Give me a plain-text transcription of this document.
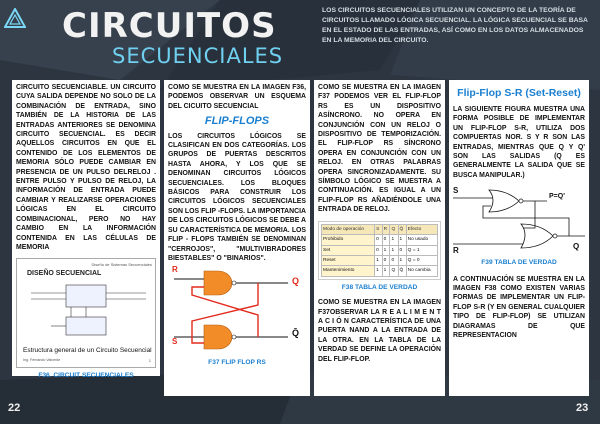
CIRCUITOS
SECUENCIALES
LOS CIRCUITOS SECUENCIALES UTILIZAN UN CONCEPTO DE LA TEORÍA DE CIRCUITOS LLAMADO LÓGICA SECUENCIAL. LA LÓGICA SECUENCIAL SE BASA EN EL ESTADO DE LAS ENTRADAS, ASÍ COMO EN LOS DATOS ALMACENADOS EN LA MEMORIA DEL CIRCUITO.

CIRCUITO SECUENCIABLE. UN CIRCUITO CUYA SALIDA DEPENDE NO SOLO DE LA COMBINACIÓN DE ENTRADA, SINO TAMBIÉN DE LA HISTORIA DE LAS ENTRADAS ANTERIORES SE DENOMINA CIRCUITO SECUENCIAL. ES DECIR AQUELLOS CIRCUITOS EN QUE EL CONTENIDO DE LOS ELEMENTOS DE MEMORIA SÓLO PUEDE CAMBIAR EN PRESENCIA DE UN PULSO DELRELOJ . ENTRE PULSO Y PULSO DE RELOJ, LA INFORMACIÓN DE ENTRADA PUEDE CAMBIAR Y REALIZARSE OPERACIONES LÓGICAS EN EL CIRCUITO COMBINACIONAL, PERO NO HAY CAMBIO EN LA INFORMACIÓN CONTENIDA EN LAS CÉLULAS DE MEMORIA

Diseño de Sistemas Secuenciales
DISEÑO SECUENCIAL
Estructura general de un Circuito Secuencial
Ing. Fernando Valverde	1
F36. CIRCUIT SECUENCIALES

COMO SE MUESTRA EN LA IMAGEN F36, PODEMOS OBSERVAR UN ESQUEMA DEL CICUITO SECUENCIAL

FLIP-FLOPS

LOS CIRCUITOS LÓGICOS SE CLASIFICAN EN DOS CATEGORÍAS. LOS GRUPOS DE PUERTAS DESCRITOS HASTA AHORA, Y LOS QUE SE DENOMINAN CIRCUITOS LÓGICOS SECUENCIALES. LOS BLOQUES BÁSICOS PARA CONSTRUIR LOS CIRCUITOS LÓGICOS SECUENCIALES SON LOS FLIP -FLOPS. LA IMPORTANCIA DE LOS CIRCUITOS LÓGICOS SE DEBE A SU CARACTERÍSTICA DE MEMORIA. LOS FLIP - FLOPS TAMBIÉN SE DENOMINAN "CERROJOS", "MULTIVIBRADORES BIESTABLES" O "BINARIOS".

R
S
Q
Q̄
F37 FLIP FLOP RS

COMO SE MUESTRA EN LA IMAGEN F37 PODEMOS VER EL FLIP-FLOP RS ES UN DISPOSITIVO ASÍNCRONO. NO OPERA EN CONJUNCIÓN CON UN RELOJ O DISPOSITIVO DE TEMPORIZACIÓN. EL FLIP-FLOP RS SÍNCRONO OPERA EN CONJUNCIÓN CON UN RELOJ. EN OTRAS PALABRAS OPERA SINCRONIZADAMENTE. SU SÍMBOLO LÓGICO SE MUESTRA A CONTINUACIÓN. ES IGUAL A UN FLIP-FLOP RS AÑADIÉNDOLE UNA ENTRADA DE RELOJ.

Modo de operación	S	R	Q	Q̄	Efecto
Prohibido	0	0	1	1	No usado
Set	0	1	1	0	Q = 1
Reset	1	0	0	1	Q = 0
Mantenimiento	1	1	Q	Q̄	No cambia
F38 TABLA DE VERDAD

COMO SE MUESTRA EN LA IMAGEN F37OBSERVAR LA R E A L I M E N T A C I Ó N CARACTERÍSTICA DE UNA PUERTA NAND A LA ENTRADA DE LA OTRA. EN LA TABLA DE LA VERDAD SE DEFINE LA OPERACIÓN DEL FLIP-FLOP.

Flip-Flop S-R (Set-Reset)

LA SIGUIENTE FIGURA MUESTRA UNA FORMA POSIBLE DE IMPLEMENTAR UN FLIP-FLOP S-R, UTILIZA DOS COMPUERTAS NOR. S Y R SON LAS ENTRADAS, MIENTRAS QUE Q Y Q' SON LAS SALIDAS (Q ES GENERALMENTE LA SALIDA QUE SE BUSCA MANIPULAR.)

S
R
P=Q'
Q
F39 TABLA DE VERDAD

A CONTINUACIÓN SE MUESTRA EN LA IMAGEN F38 COMO EXISTEN VARIAS FORMAS DE IMPLEMENTAR UN FLIP-FLOP S-R (Y EN GENERAL CUALQUIER TIPO DE FLIP-FLOP) SE UTILIZAN DIAGRAMAS DE QUE REPRESENTACION

22	23
